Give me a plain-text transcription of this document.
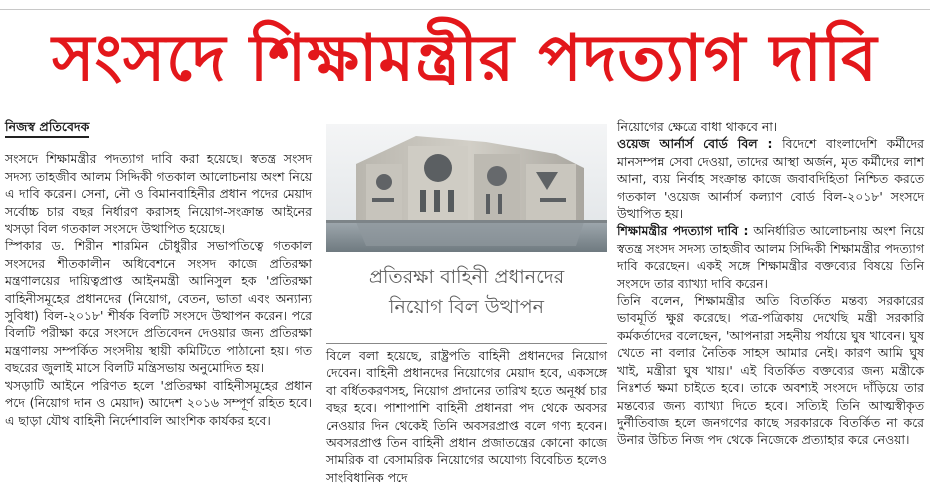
সংসদে শিক্ষামন্ত্রীর পদত্যাগ দাবি
নিজস্ব প্রতিবেদক

সংসদে শিক্ষামন্ত্রীর পদত্যাগ দাবি করা হয়েছে। স্বতন্ত্র সংসদ সদস্য তাহজীব আলম সিদ্দিকী গতকাল আলোচনায় অংশ নিয়ে এ দাবি করেন। সেনা, নৌ ও বিমানবাহিনীর প্রধান পদের মেয়াদ সর্বোচ্চ চার বছর নির্ধারণ করাসহ নিয়োগ-সংক্রান্ত আইনের খসড়া বিল গতকাল সংসদে উত্থাপিত হয়েছে।

স্পিকার ড. শিরীন শারমিন চৌধুরীর সভাপতিত্বে গতকাল সংসদের শীতকালীন অধিবেশনে সংসদ কাজে প্রতিরক্ষা মন্ত্রণালয়ের দায়িত্বপ্রাপ্ত আইনমন্ত্রী আনিসুল হক 'প্রতিরক্ষা বাহিনীসমূহের প্রধানদের (নিয়োগ, বেতন, ভাতা এবং অন্যান্য সুবিধা) বিল-২০১৮' শীর্ষক বিলটি সংসদে উত্থাপন করেন। পরে বিলটি পরীক্ষা করে সংসদে প্রতিবেদন দেওয়ার জন্য প্রতিরক্ষা মন্ত্রণালয় সম্পর্কিত সংসদীয় স্থায়ী কমিটিতে পাঠানো হয়। গত বছরের জুলাই মাসে বিলটি মন্ত্রিসভায় অনুমোদিত হয়।

খসড়াটি আইনে পরিণত হলে 'প্রতিরক্ষা বাহিনীসমূহের প্রধান পদে (নিয়োগ দান ও মেয়াদ) আদেশ ২০১৬ সম্পূর্ণ রহিত হবে। এ ছাড়া যৌথ বাহিনী নির্দেশাবলি আংশিক কার্যকর হবে।

প্রতিরক্ষা বাহিনী প্রধানদের
নিয়োগ বিল উত্থাপন

বিলে বলা হয়েছে, রাষ্ট্রপতি বাহিনী প্রধানদের নিয়োগ দেবেন। বাহিনী প্রধানদের নিয়োগের মেয়াদ হবে, একসঙ্গে বা বর্ধিতকরণসহ, নিয়োগ প্রদানের তারিখ হতে অনূর্ধ্ব চার বছর হবে। পাশাপাশি বাহিনী প্রধানরা পদ থেকে অবসর নেওয়ার দিন থেকেই তিনি অবসরপ্রাপ্ত বলে গণ্য হবেন। অবসরপ্রাপ্ত তিন বাহিনী প্রধান প্রজাতন্ত্রের কোনো কাজে সামরিক বা বেসামরিক নিয়োগের অযোগ্য বিবেচিত হলেও সাংবিধানিক পদে

নিয়োগের ক্ষেত্রে বাধা থাকবে না।

ওয়েজ আর্নার্স বোর্ড বিল : বিদেশে বাংলাদেশি কর্মীদের মানসম্পন্ন সেবা দেওয়া, তাদের আস্থা অর্জন, মৃত কর্মীদের লাশ আনা, ব্যয় নির্বাহ সংক্রান্ত কাজে জবাবদিহিতা নিশ্চিত করতে গতকাল 'ওয়েজ আর্নার্স কল্যাণ বোর্ড বিল-২০১৮' সংসদে উত্থাপিত হয়।

শিক্ষামন্ত্রীর পদত্যাগ দাবি : অনির্ধারিত আলোচনায় অংশ নিয়ে স্বতন্ত্র সংসদ সদস্য তাহজীব আলম সিদ্দিকী শিক্ষামন্ত্রীর পদত্যাগ দাবি করেছেন। একই সঙ্গে শিক্ষামন্ত্রীর বক্তব্যের বিষয়ে তিনি সংসদে তার ব্যাখ্যা দাবি করেন।

তিনি বলেন, শিক্ষামন্ত্রীর অতি বিতর্কিত মন্তব্য সরকারের ভাবমূর্তি ক্ষুণ্ণ করেছে। পত্র-পত্রিকায় দেখেছি মন্ত্রী সরকারি কর্মকর্তাদের বলেছেন, 'আপনারা সহনীয় পর্যায়ে ঘুষ খাবেন। ঘুষ খেতে না বলার নৈতিক সাহস আমার নেই। কারণ আমি ঘুষ খাই, মন্ত্রীরা ঘুষ খায়।' এই বিতর্কিত বক্তব্যের জন্য মন্ত্রীকে নিঃশর্ত ক্ষমা চাইতে হবে। তাকে অবশ্যই সংসদে দাঁড়িয়ে তার মন্তব্যের জন্য ব্যাখ্যা দিতে হবে। সত্যিই তিনি আত্মস্বীকৃত দুর্নীতিবাজ হলে জনগণের কাছে সরকারকে বিতর্কিত না করে উনার উচিত নিজ পদ থেকে নিজেকে প্রত্যাহার করে নেওয়া।
